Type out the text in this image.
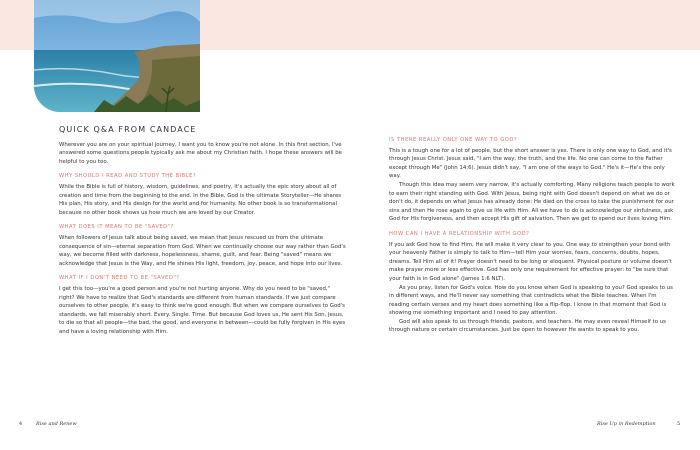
QUICK Q&A FROM CANDACE

Wherever you are on your spiritual journey, I want you to know you're not alone. In this first section, I've answered some questions people typically ask me about my Christian faith. I hope these answers will be helpful to you too.

WHY SHOULD I READ AND STUDY THE BIBLE?

While the Bible is full of history, wisdom, guidelines, and poetry, it's actually the epic story about all of creation and time from the beginning to the end. In the Bible, God is the ultimate Storyteller—He shares His plan, His story, and His design for the world and for humanity. No other book is so transformational because no other book shows us how much we are loved by our Creator.

WHAT DOES IT MEAN TO BE "SAVED"?

When followers of Jesus talk about being saved, we mean that Jesus rescued us from the ultimate consequence of sin—eternal separation from God. When we continually choose our way rather than God's way, we become filled with darkness, hopelessness, shame, guilt, and fear. Being "saved" means we acknowledge that Jesus is the Way, and He shines His light, freedom, joy, peace, and hope into our lives.

WHAT IF I DON'T NEED TO BE "SAVED"?

I get this too—you're a good person and you're not hurting anyone. Why do you need to be "saved," right? We have to realize that God's standards are different from human standards. If we just compare ourselves to other people, it's easy to think we're good enough. But when we compare ourselves to God's standards, we fall miserably short. Every. Single. Time. But because God loves us, He sent His Son, Jesus, to die so that all people—the bad, the good, and everyone in between—could be fully forgiven in His eyes and have a loving relationship with Him.

IS THERE REALLY ONLY ONE WAY TO GOD?

This is a tough one for a lot of people, but the short answer is yes. There is only one way to God, and it's through Jesus Christ. Jesus said, "I am the way, the truth, and the life. No one can come to the Father except through Me" (John 14:6). Jesus didn't say, "I am one of the ways to God." He's it—He's the only way.

Though this idea may seem very narrow, it's actually comforting. Many religions teach people to work to earn their right standing with God. With Jesus, being right with God doesn't depend on what we do or don't do, it depends on what Jesus has already done: He died on the cross to take the punishment for our sins and then He rose again to give us life with Him. All we have to do is acknowledge our sinfulness, ask God for His forgiveness, and then accept His gift of salvation. Then we get to spend our lives loving Him.

HOW CAN I HAVE A RELATIONSHIP WITH GOD?

If you ask God how to find Him, He will make it very clear to you. One way to strengthen your bond with your heavenly Father is simply to talk to Him—tell Him your worries, fears, concerns, doubts, hopes, dreams. Tell Him all of it! Prayer doesn't need to be long or eloquent. Physical posture or volume doesn't make prayer more or less effective. God has only one requirement for effective prayer: to "be sure that your faith is in God alone" (James 1:6 NLT).

As you pray, listen for God's voice. How do you know when God is speaking to you? God speaks to us in different ways, and He'll never say something that contradicts what the Bible teaches. When I'm reading certain verses and my heart does something like a flip-flop, I know in that moment that God is showing me something important and I need to pay attention.

God will also speak to us through friends, pastors, and teachers. He may even reveal Himself to us through nature or certain circumstances. Just be open to however He wants to speak to you.

4	Rise and Renew	Rise Up in Redemption	5
